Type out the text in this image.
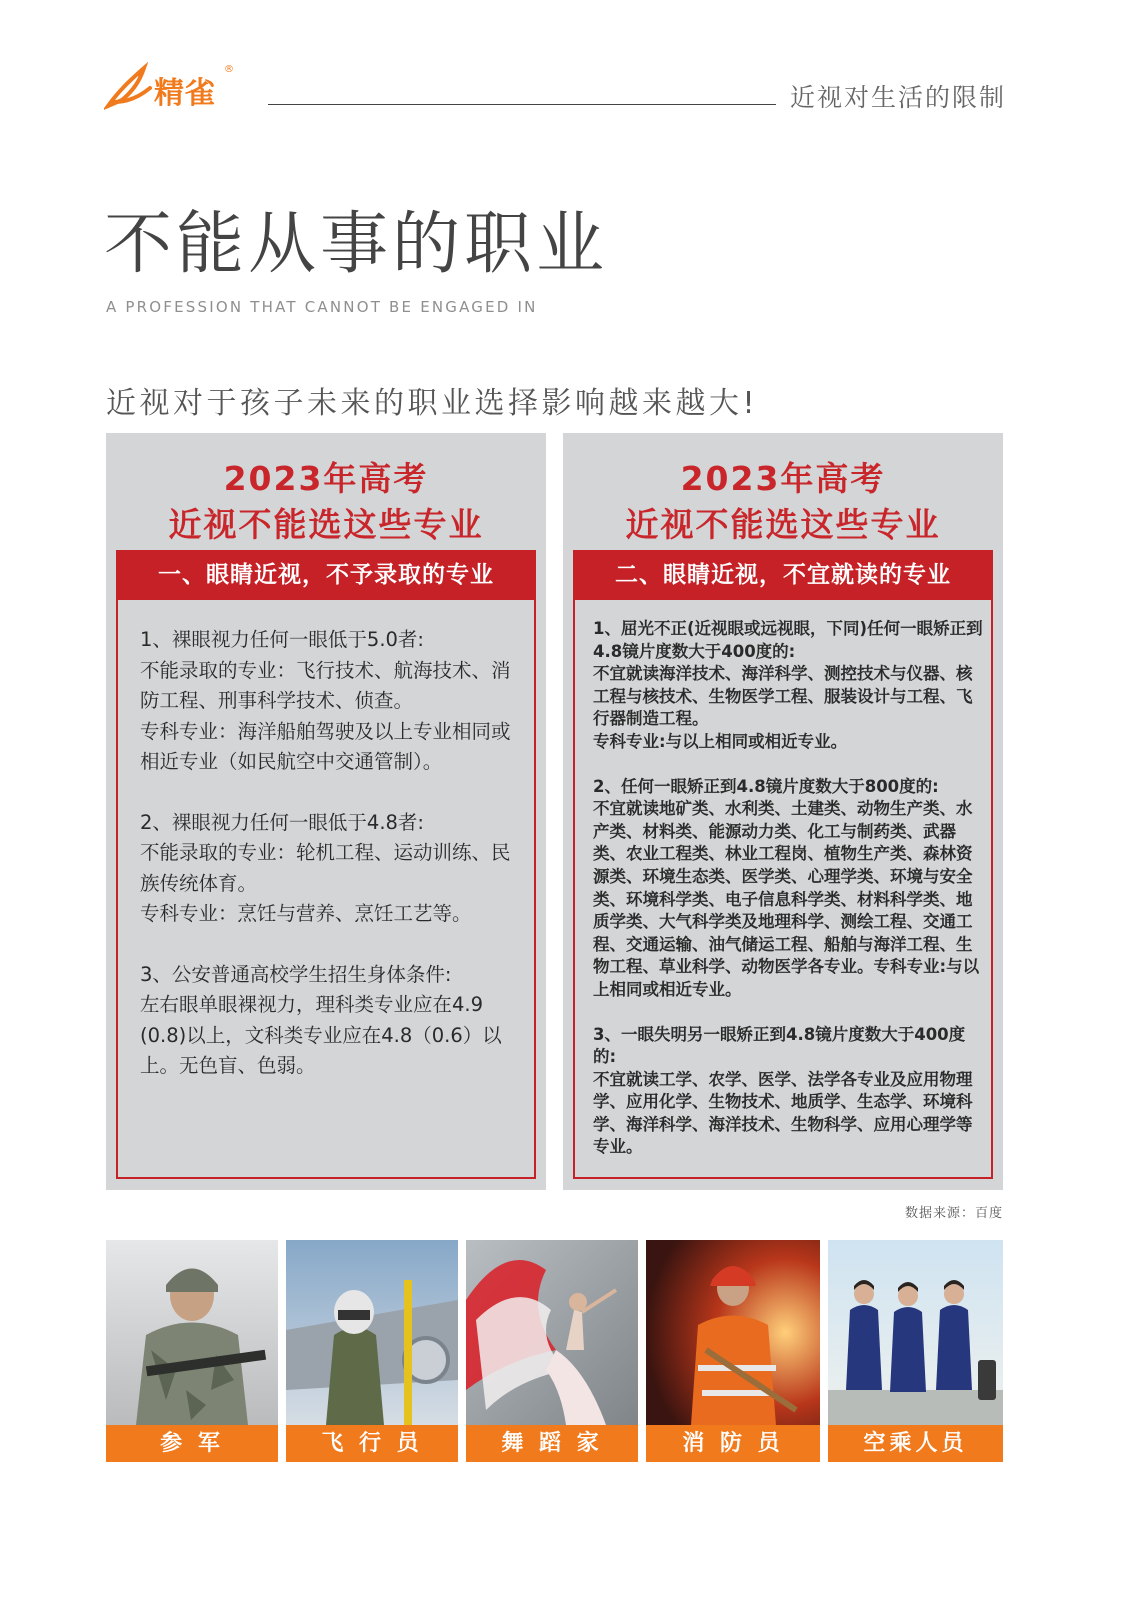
精雀
®
近视对生活的限制
不能从事的职业
A PROFESSION THAT CANNOT BE ENGAGED IN
近视对于孩子未来的职业选择影响越来越大!
2023年高考
近视不能选这些专业
一、眼睛近视，不予录取的专业
1、裸眼视力任何一眼低于5.0者:
不能录取的专业：飞行技术、航海技术、消防工程、刑事科学技术、侦查。
专科专业：海洋船舶驾驶及以上专业相同或相近专业（如民航空中交通管制）。
2、裸眼视力任何一眼低于4.8者:
不能录取的专业：轮机工程、运动训练、民族传统体育。
专科专业：烹饪与营养、烹饪工艺等。
3、公安普通高校学生招生身体条件:
左右眼单眼裸视力，理科类专业应在4.9 (0.8)以上，文科类专业应在4.8（0.6）以上。无色盲、色弱。
2023年高考
近视不能选这些专业
二、眼睛近视，不宜就读的专业
1、屈光不正(近视眼或远视眼，下同)任何一眼矫正到4.8镜片度数大于400度的:
不宜就读海洋技术、海洋科学、测控技术与仪器、核工程与核技术、生物医学工程、服装设计与工程、飞行器制造工程。
专科专业:与以上相同或相近专业。
2、任何一眼矫正到4.8镜片度数大于800度的:
不宜就读地矿类、水利类、土建类、动物生产类、水产类、材料类、能源动力类、化工与制药类、武器类、农业工程类、林业工程岗、植物生产类、森林资源类、环境生态类、医学类、心理学类、环境与安全类、环境科学类、电子信息科学类、材料科学类、地质学类、大气科学类及地理科学、测绘工程、交通工程、交通运输、油气储运工程、船舶与海洋工程、生物工程、草业科学、动物医学各专业。专科专业:与以上相同或相近专业。
3、一眼失明另一眼矫正到4.8镜片度数大于400度的:
不宜就读工学、农学、医学、法学各专业及应用物理学、应用化学、生物技术、地质学、生态学、环境科学、海洋科学、海洋技术、生物科学、应用心理学等专业。
数据来源：百度
参 军	飞 行 员	舞 蹈 家	消 防 员	空乘人员
